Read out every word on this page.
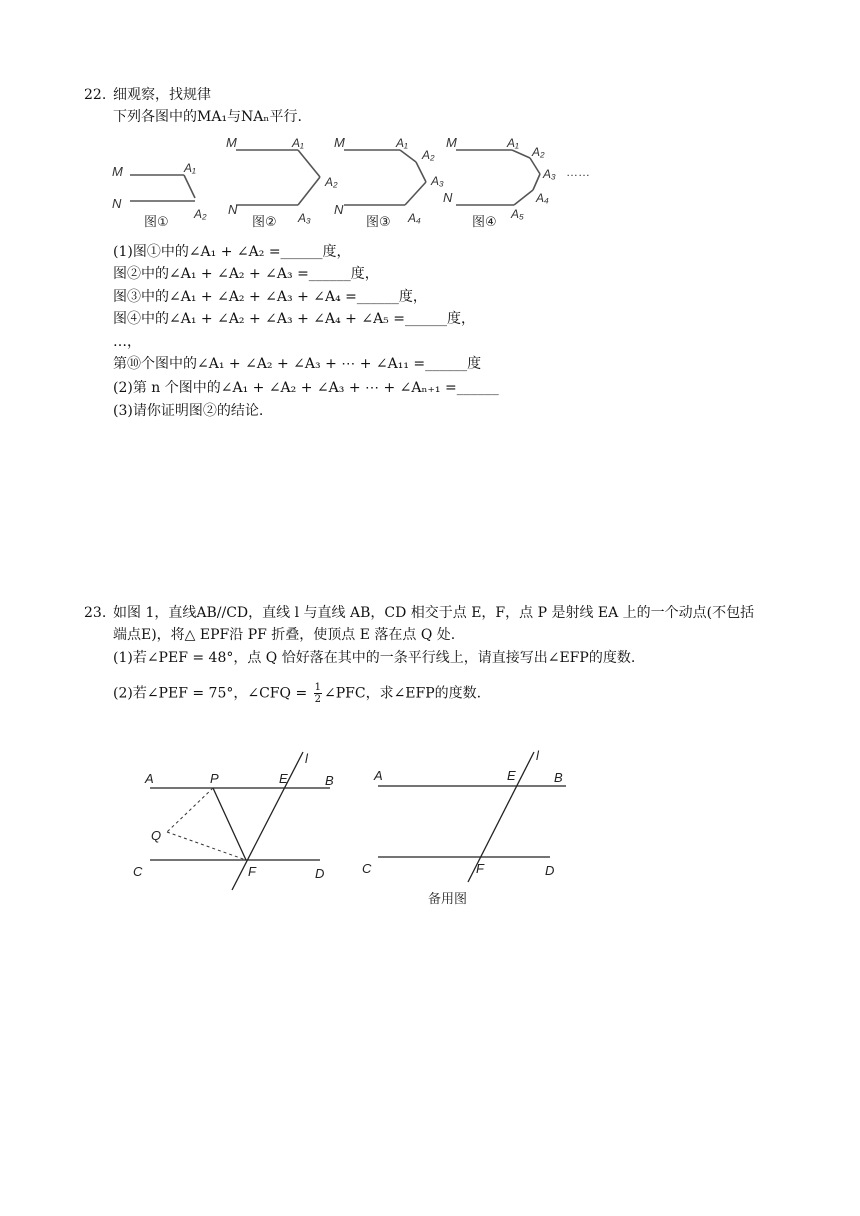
22. 细观察，找规律
下列各图中的MA₁与NAₙ平行.
M
N
A₁
A₂
图①
M
N
A₁
A₂
A₃
图②
M
N
A₁
A₂
A₃
A₄
图③
M
N
A₁
A₂
A₃
A₄
A₅
图④
……
(1)图①中的∠A₁ + ∠A₂ =______度，
图②中的∠A₁ + ∠A₂ + ∠A₃ =______度，
图③中的∠A₁ + ∠A₂ + ∠A₃ + ∠A₄ =______度，
图④中的∠A₁ + ∠A₂ + ∠A₃ + ∠A₄ + ∠A₅ =______度，
…，
第⑩个图中的∠A₁ + ∠A₂ + ∠A₃ + ⋯ + ∠A₁₁ =______度
(2)第 n 个图中的∠A₁ + ∠A₂ + ∠A₃ + ⋯ + ∠Aₙ₊₁ =______
(3)请你证明图②的结论.
23. 如图 1，直线AB//CD，直线 l 与直线 AB，CD 相交于点 E，F，点 P 是射线 EA 上的一个动点(不包括
端点E)，将△ EPF沿 PF 折叠，使顶点 E 落在点 Q 处.
(1)若∠PEF = 48°，点 Q 恰好落在其中的一条平行线上，请直接写出∠EFP的度数.
(2)若∠PEF = 75°，∠CFQ = $\frac{1}{2}$ ∠PFC，求∠EFP的度数.
A	P	E
l
B
Q
C	F	D
A	E
l
B
C	F	D
备用图
